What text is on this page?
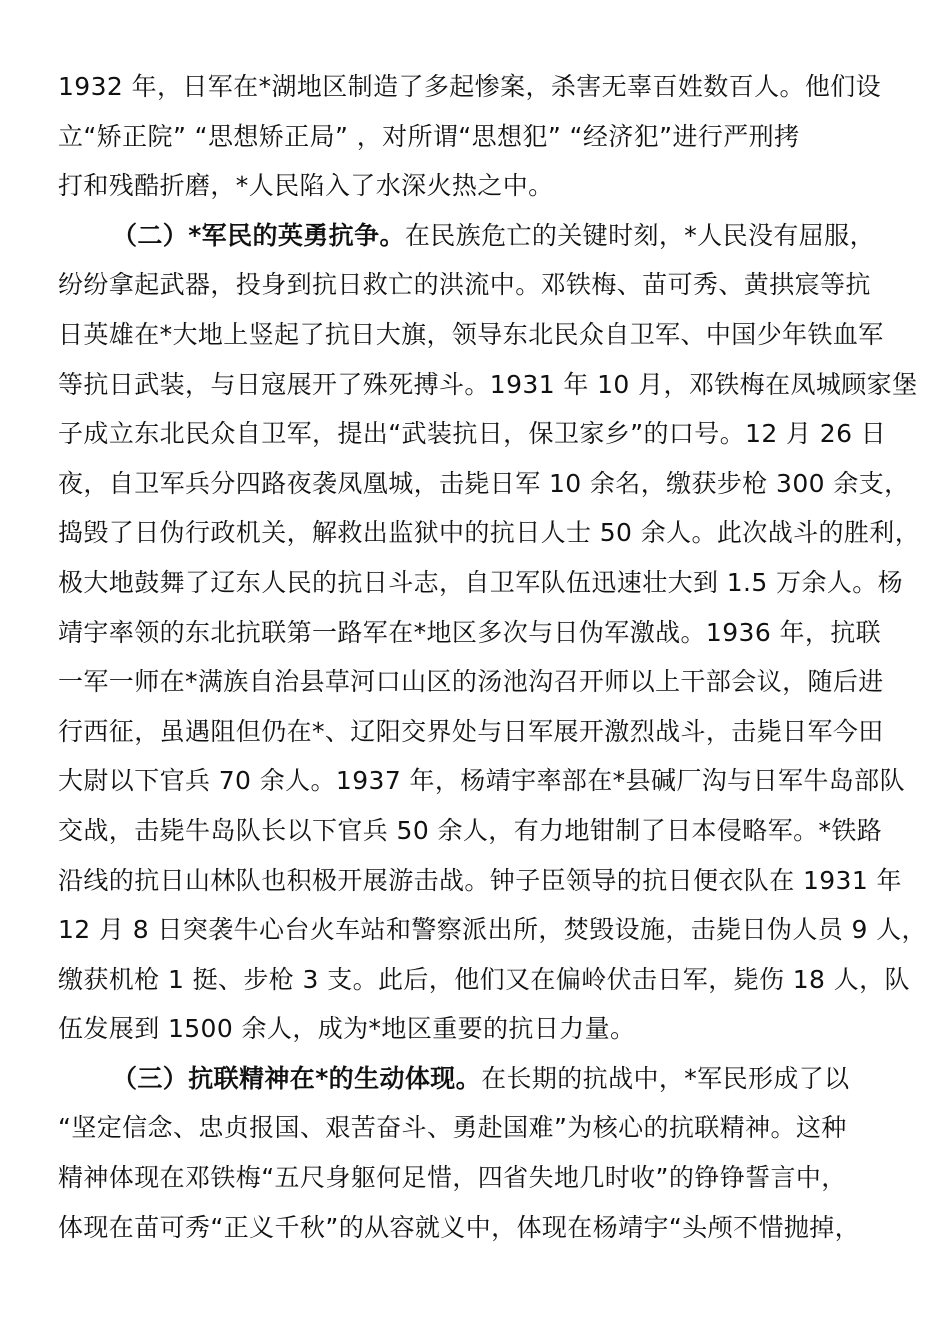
1932 年，日军在*湖地区制造了多起惨案，杀害无辜百姓数百人。他们设
立“矫正院” “思想矫正局” ，对所谓“思想犯” “经济犯”进行严刑拷
打和残酷折磨，*人民陷入了水深火热之中。
（二）*军民的英勇抗争。在民族危亡的关键时刻，*人民没有屈服，
纷纷拿起武器，投身到抗日救亡的洪流中。邓铁梅、苗可秀、黄拱宸等抗
日英雄在*大地上竖起了抗日大旗，领导东北民众自卫军、中国少年铁血军
等抗日武装，与日寇展开了殊死搏斗。1931 年 10 月，邓铁梅在凤城顾家堡
子成立东北民众自卫军，提出“武装抗日，保卫家乡”的口号。12 月 26 日
夜，自卫军兵分四路夜袭凤凰城，击毙日军 10 余名，缴获步枪 300 余支，
捣毁了日伪行政机关，解救出监狱中的抗日人士 50 余人。此次战斗的胜利，
极大地鼓舞了辽东人民的抗日斗志，自卫军队伍迅速壮大到 1.5 万余人。杨
靖宇率领的东北抗联第一路军在*地区多次与日伪军激战。1936 年，抗联
一军一师在*满族自治县草河口山区的汤池沟召开师以上干部会议，随后进
行西征，虽遇阻但仍在*、辽阳交界处与日军展开激烈战斗，击毙日军今田
大尉以下官兵 70 余人。1937 年，杨靖宇率部在*县碱厂沟与日军牛岛部队
交战，击毙牛岛队长以下官兵 50 余人，有力地钳制了日本侵略军。*铁路
沿线的抗日山林队也积极开展游击战。钟子臣领导的抗日便衣队在 1931 年
12 月 8 日突袭牛心台火车站和警察派出所，焚毁设施，击毙日伪人员 9 人，
缴获机枪 1 挺、步枪 3 支。此后，他们又在偏岭伏击日军，毙伤 18 人，队
伍发展到 1500 余人，成为*地区重要的抗日力量。
（三）抗联精神在*的生动体现。在长期的抗战中，*军民形成了以
“坚定信念、忠贞报国、艰苦奋斗、勇赴国难”为核心的抗联精神。这种
精神体现在邓铁梅“五尺身躯何足惜，四省失地几时收”的铮铮誓言中，
体现在苗可秀“正义千秋”的从容就义中，体现在杨靖宇“头颅不惜抛掉，
